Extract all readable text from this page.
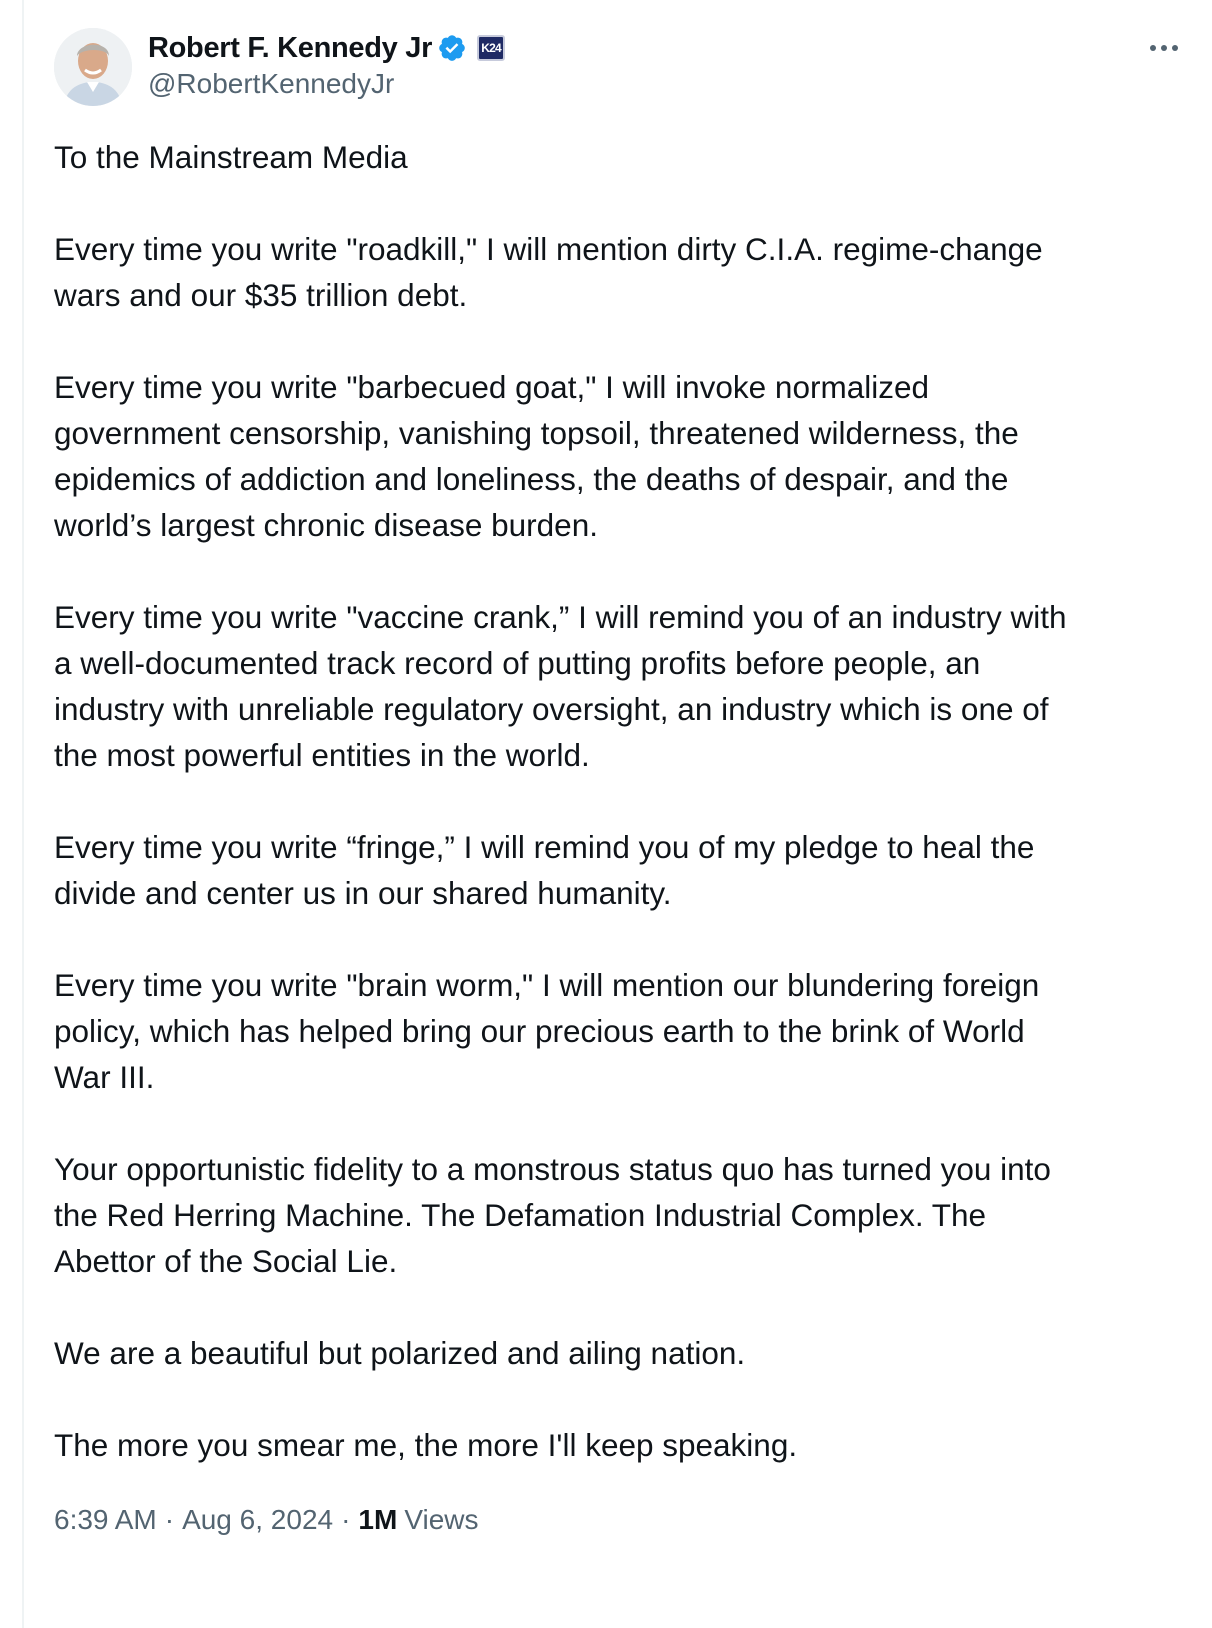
Robert F. Kennedy Jr	K24
@RobertKennedyJr

To the Mainstream Media

Every time you write "roadkill," I will mention dirty C.I.A. regime-change
wars and our $35 trillion debt.

Every time you write "barbecued goat," I will invoke normalized
government censorship, vanishing topsoil, threatened wilderness, the
epidemics of addiction and loneliness, the deaths of despair, and the
world’s largest chronic disease burden.

Every time you write "vaccine crank,” I will remind you of an industry with
a well-documented track record of putting profits before people, an
industry with unreliable regulatory oversight, an industry which is one of
the most powerful entities in the world.

Every time you write “fringe,” I will remind you of my pledge to heal the
divide and center us in our shared humanity.

Every time you write "brain worm," I will mention our blundering foreign
policy, which has helped bring our precious earth to the brink of World
War III.

Your opportunistic fidelity to a monstrous status quo has turned you into
the Red Herring Machine. The Defamation Industrial Complex. The
Abettor of the Social Lie.

We are a beautiful but polarized and ailing nation.

The more you smear me, the more I'll keep speaking.

6:39 AM · Aug 6, 2024 · 1M Views
